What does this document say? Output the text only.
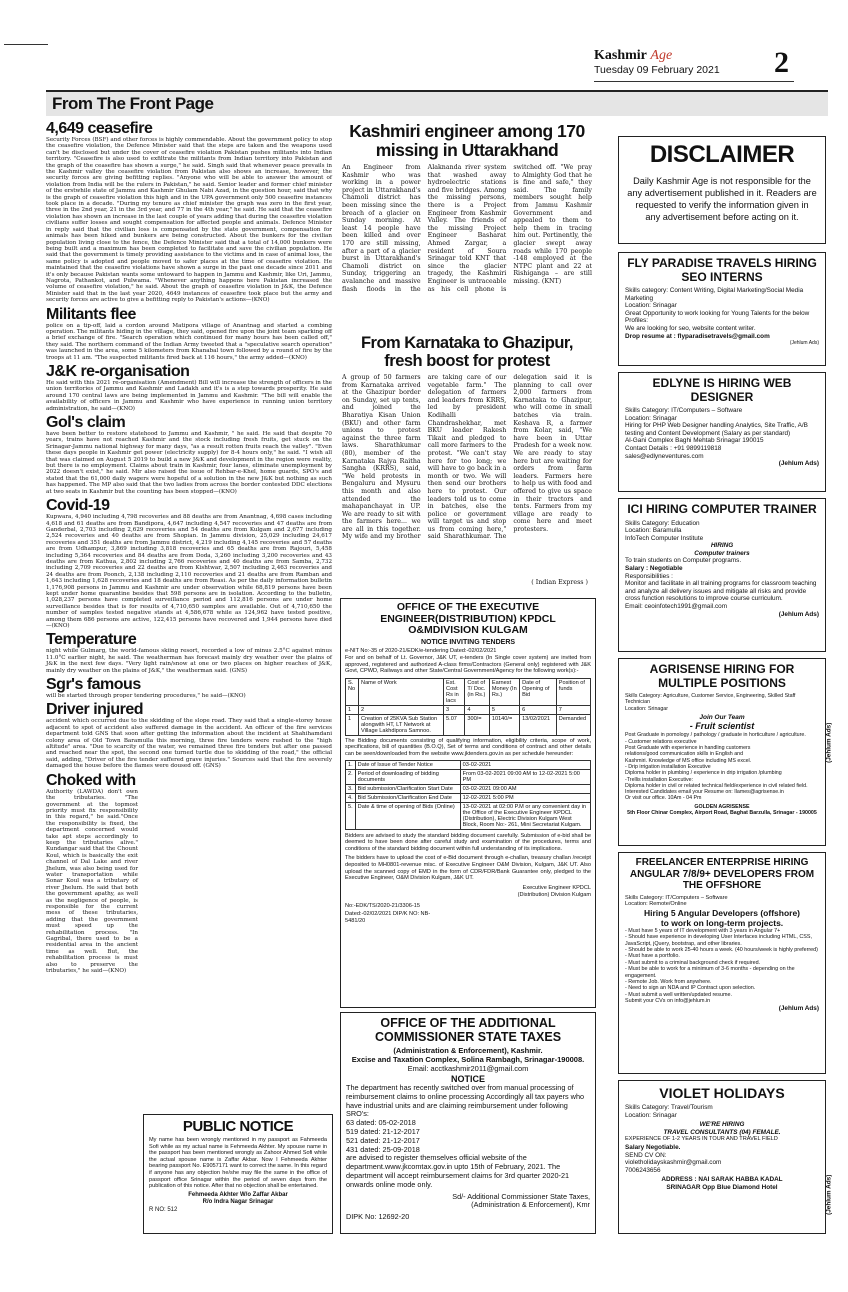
Kashmir Age
Tuesday 09 February 2021 2
From The Front Page
4,649 ceasefire
Security Forces (BSF) and other forces is highly commendable. About the government policy to stop the ceasefire violation, the Defence Minister said that the steps are taken and the weapons used can't be disclosed but under the cover of ceasefire violation Pakistan pushes militants into Indian territory. "Ceasefire is also used to exfiltrate the militants from Indian territory into Pakistan and the graph of the ceasefire has shown a surge," he said. Singh said that whenever peace prevails in the Kashmir valley the ceasefire violation from Pakistan also shows an increase, however, the security forces are giving befitting replies. "Anyone who will be able to answer the amount of violation from India will be the rulers in Pakistan," he said. Senior leader and former chief minister of the erstwhile state of Jammu and Kashmir Ghulam Nabi Azad, in the question hour, said that why is the graph of ceasefire violation this high and in the UPA government only 500 ceasefire instances took place in a decade. "During my tenure as chief minister the graph was zero in the first year, three in the 2nd year, 21 in the 3rd year, and 77 in the 4th year," he said. He said that the ceasefire violation has shown an increase in the last couple of years adding that during the ceasefire violation civilians suffer losses and sought compensation for affected people and animals. Defence Minister in reply said that the civilian loss is compensated by the state government, compensation for animals has been hiked and bunkers are being constructed. About the bunkers for the civilian population living close to the fence, the Defence Minister said that a total of 14,000 bunkers were being built and a maximum has been completed to facilitate and save the civilian population. He said that the government is timely providing assistance to the victims and in case of animal loss, the same policy is adopted and people moved to safer places at the time of ceasefire violation. He maintained that the ceasefire violations have shown a surge in the past one decade since 2011 and it's only because Pakistan wants some untoward to happen in Jammu and Kashmir, like Uri, Jammu, Nagrota, Pathankot, and Pulwama. "Whenever anything happens here Pakistan increased the volume of ceasefire violation," he said. About the graph of ceasefire violation in J&K, the Defence Minister said that in the last year 2020, 4649 instances of ceasefire took place but the army and security forces are active to give a befitting reply to Pakistan's actions—(KNO)
Militants flee
police on a tip-off, laid a cordon around Matipora village of Anantnag and started a combing operation. The militants hiding in the village, they said, opened fire upon the joint team sparking off a brief exchange of fire. "Search operation which continued for many hours has been called off," they said. The northern command of the Indian Army tweeted that a "speculative search operation" was launched in the area, some 5 kilometers from Khanabal town followed by a round of fire by the troops at 11 am. "The suspected militants fired back at 116 hours," the army added—(KNO)
J&K re-organisation
He said with this 2021 re-organisation (Amendment) Bill will increase the strength of officers in the union territories of Jammu and Kashmir and Ladakh and it's is a step towards prosperity. He said around 170 central laws are being implemented in Jammu and Kashmir. "The bill will enable the availability of officers in Jammu and Kashmir who have experience in running union territory administration, he said—(KNO)
Gol's claim
have been better to restore statehood to Jammu and Kashmir, " he said. He said that despite 70 years, trains have not reached Kashmir and the stock including fresh fruits, get stuck on the Srinagar-Jammu national highway for many days, "as a result rotten fruits reach the valley". "Even these days people in Kashmir get power (electricity supply) for 8-4 hours only," he said. "I wish all that was claimed on August 5 2019 to build a new J&K and development in the region were reality, but there is no employment. Claims about train in Kashmir, four lanes, eliminate unemployment by 2022 doesn't exist," he said. Mir also raised the issue of Rehbar-e-Khel, home guards, SPO's and stated that the 61,000 daily wagers were hopeful of a solution in the new J&K but nothing as such has happened. The MP also said that the two ladies from across the border contested DDC elections at two seats in Kashmir but the counting has been stopped—(KNO)
Covid-19
Kupwara, 4,940 including 4,798 recoveries and 88 deaths are from Anantnag, 4,698 cases including 4,618 and 61 deaths are from Bandipora, 4,647 including 4,547 recoveries and 47 deaths are from Ganderbal, 2,703 including 2,629 recoveries and 54 deaths are from Kulgam and 2,677 including 2,524 recoveries and 40 deaths are from Shopian. In Jammu division, 25,029 including 24,617 recoveries and 351 deaths are from Jammu district, 4,219 including 4,145 recoveries and 57 deaths are from Udhampur, 3,869 including 3,818 recoveries and 65 deaths are from Rajouri, 5,458 including 5,364 recoveries and 84 deaths are from Doda, 3,260 including 3,200 recoveries and 43 deaths are from Kathua, 2,802 including 2,766 recoveries and 40 deaths are from Samba, 2,732 including 2,709 recoveries and 22 deaths are from Kishtwar, 2,507 including 2,463 recoveries and 24 deaths are from Poonch, 2,138 including 2,110 recoveries and 21 deaths are from Ramban and 1,643 including 1,628 recoveries and 18 deaths are from Reasi. As per the daily information bulletin 1,176,908 persons in Jammu and Kashmir are under observation while 68,819 persons have been kept under home quarantine besides that 598 persons are in isolation. According to the bulletin, 1,028,237 persons have completed surveillance period and 112,816 persons are under home surveillance besides that is for results of 4,710,650 samples are available. Out of 4,710,650 the number of samples tested negative stands at 4,586,678 while as 124,962 have tested positive, among them 686 persons are active, 122,415 persons have recovered and 1,944 persons have died—(KNO)
Temperature
night while Gulmarg, the world-famous skiing resort, recorded a low of minus 2.5°C against minus 11.0°C earlier night, he said. The weatherman has forecast mainly dry weather over the plains of J&K in the next few days. "Very light rain/snow at one or two places on higher reaches of J&K, mainly dry weather on the plains of J&K," the weatherman said. (GNS)
Sgr's famous
will be started through proper tendering procedures," he said—(KNO)
Driver injured
accident which occurred due to the skidding of the slope road. They said that a single-storey house adjacent to spot of accident also suffered damage in the accident. An officer of the fire services department told GNS that soon after getting the information about the incident at Shahihamdani colony area of Old Town Baramulla this morning, three fire tenders were rushed to the "high altitude" area. "Due to scarcity of the water, we remained three fire tenders but after one passed and reached near the spot, the second one turned turtle due to skidding of the road," the official said, adding, "Driver of the fire tender suffered grave injuries." Sources said that the fire severely damaged the house before the flames were doused off. (GNS)
Choked with
Authority (LAWDA) don't own the tributaries. "The government at the topmost priority must fix responsibility in this regard," he said."Once the responsibility is fixed, the department concerned would take apt steps accordingly to keep the tributaries alive." Kundangar said that the Chount Koul, which is basically the exit channel of Dal Lake and river Jhelum, was also being used for water transportation while Sonar Koul was a tributary of river Jhelum. He said that both the government apathy, as well as the negligence of people, is responsible for the current mess of these tributaries, adding that the government must speed up the rehabilitation process. "In Gagribal, there used to be a residential area in the ancient time as well. But, the rehabilitation process is must also to preserve the tributaries," he said—(KNO)
PUBLIC NOTICE
My name has been wrongly mentioned in my passport as Fahmeeda Sofi while as my actual name is Fehmeeda Akhter. My spouse name in the passport has been mentioned wrongly as Zahoor Ahmed Sofi while the actual spouse name is Zaffar Akbar. Now I Fehmeeda Akhter bearing passport No. E9057171 want to correct the same. In this regard if anyone has any objection he/she may file the same in the office of passport office Srinagar within the period of seven days from the publication of this notice. After that no objection shall be entertained.
Fehmeeda Akhter W/o Zaffar Akbar
R/o Indra Nagar Srinagar
R NO: 512
Kashmiri engineer among 170 missing in Uttarakhand
An Engineer from Kashmir who was working in a power project in Uttarakhand's Chamoli district has been missing since the breach of a glacier on Sunday morning. At least 14 people have been killed and over 170 are still missing, after a part of a glacier burst in Uttarakhand's Chamoli district on Sunday, triggering an avalanche and massive flash floods in the Alaknanda river system that washed away hydroelectric stations and five bridges. Among the missing persons, there is a Project Engineer from Kashmir Valley. The friends of the missing Project Engineer Basharat Ahmed Zargar, a resident of Soura Srinagar told KNT that since the glacier tragedy, the Kashmiri Engineer is untraceable as his cell phone is switched off. "We pray to Almighty God that he is fine and safe," they said. The family members sought help from Jammu Kashmir Government and appealed to them to help them in tracing him out. Pertinently, the glacier swept away roads while 170 people -148 employed at the NTPC plant and 22 at Rishiganga – are still missing. (KNT)
From Karnataka to Ghazipur, fresh boost for protest
A group of 50 farmers from Karnataka arrived at the Ghazipur border on Sunday, set up tents, and joined the Bharatiya Kisan Union (BKU) and other farm unions to protest against the three farm laws. Sharathkumar (80), member of the Karnataka Rajya Raitha Sangha (KRRS), said, "We held protests in Bengaluru and Mysuru this month and also attended the mahapanchayat in UP. We are ready to sit with the farmers here... we are all in this together. My wife and my brother are taking care of our vegetable farm." The delegation of farmers and leaders from KRRS, led by president Kodihalli Chandrashekhar, met BKU leader Rakesh Tikait and pledged to call more farmers to the protest. "We can't stay here for too long; we will have to go back in a month or two. We will then send our brothers here to protest. Our leaders told us to come in batches, else the police or government will target us and stop us from coming here," said Sharathkumar. The delegation said it is planning to call over 2,000 farmers from Karnataka to Ghazipur, who will come in small batches via train. Keshava R, a farmer from Kolar, said, "We have been in Uttar Pradesh for a week now. We are ready to stay here but are waiting for orders from farm leaders. Farmers here to help us with food and offered to give us space in their tractors and tents. Farmers from my village are ready to come here and meet protesters.
( Indian Express )
OFFICE OF THE EXECUTIVE ENGINEER(DISTRIBUTION) KPDCL O&MDIVISION KULGAM
NOTICE INVITING TENDERS
e-NIT No:-35 of 2020-21/EDK/e-tendering Dated:-02/02/2021
For and on behalf of Lt. Governor, J&K UT, e-tenders (In Single cover system) are invited from approved, registered and authorized A-class firms/Contractors (General only) registered with J&K Govt, CPWD, Railways and other State/Central Government/Agency for the following work(s):-
S. No	Name of Work	Est. Cost Rs in lacs	Cost of T/ Doc.(in Rs.)	Earnest Money (In Rs.)	Date of Opening of Bid	Position of funds
1	2	3	4	5	6	7
1	Creation of 25KVA Sub Station alongwith HT, LT Network at Village Lakhdipora Samnoo.	5.07	300/=	10140/=	13/02/2021	Demanded
The Bidding documents consisting of qualifying information, eligibility criteria, scope of work, specifications, bill of quantities (B.O.Q), Set of terms and conditions of contract and other details can be seen/downloaded from the website www.jktenders.gov.in as per schedule hereunder:
1.	Date of Issue of Tender Notice	03-02-2021
2.	Period of downloading of bidding documents	From 03-02-2021 09:00 AM to 12-02-2021 5:00 PM
3.	Bid submission/Clarification Start Date	03-02-2021 09:00 AM
4.	Bid Submission/Clarification End Date	12-02-2021 5:00 PM
5.	Date & time of opening of Bids (Online)	13-02-2021 at 02:00 P.M or any convenient day in the Office of the Executive Engineer KPDCL (Distribution), Electric Division Kulgam West Block, Room No:- 261, Mini Secretariat Kulgam.
Bidders are advised to study the standard bidding document carefully. Submission of e-bid shall be deemed to have been done after careful study and examination of the procedures, terms and conditions of the standard bidding document within full understanding of its implications.
The bidders have to upload the cost of e-Bid document through e-challan, treasury challan /receipt deposited to MH0801-revenue misc. of Executive Engineer O&M Division, Kulgam, J&K UT. Also upload the scanned copy of EMD in the form of CDR/FDR/Bank Guarantee only, pledged to the Executive Engineer, O&M Division Kulgam, J&K UT.
Executive Engineer KPDCL (Distribution) Division Kulgam
No:-EDK/TS/2020-21/3306-15 Dated:-02/02/2021 DIP/K NO: NB-5481/20
OFFICE OF THE ADDITIONAL COMMISSIONER STATE TAXES
(Administration & Enforcement), Kashmir.
Excise and Taxation Complex, Solina Rambagh, Srinagar-190008.
Email: acctkashmir2011@gmail.com
NOTICE
The department has recently switched over from manual processing of reimbursement claims to online processing Accordingly all tax payers who have industrial units and are claiming reimbursement under following SRO's:
63 dated: 05-02-2018
519 dated: 21-12-2017
521 dated: 21-12-2017
431 dated: 25-09-2018
are advised to register themselves official website of the department.www.jkcomtax.gov.in upto 15th of February, 2021. The department will accept reimbursement claims for 3rd quarter 2020-21 onwards online mode only.
Sd/- Additional Commissioner State Taxes, (Administration & Enforcement), Kmr
DIPK No: 12692-20
DISCLAIMER
Daily Kashmir Age is not responsible for the any advertisement published in it. Readers are requested to verify the information given in any advertisement before acting on it.
FLY PARADISE TRAVELS HIRING SEO INTERNS
Skills category: Content Writing, Digital Marketing/Social Media Marketing
Location: Srinagar
Great Opportunity to work looking for Young Talents for the below Profiles:
We are looking for seo, website content writer.
Drop resume at : flyparadisetravels@gmail.com
(Jehlum Ads)
EDLYNE IS HIRING WEB DESIGNER
Skills Category: IT/Computers – Software
Location: Srinagar
Hiring for PHP Web Designer handling Analytics, Site Traffic, A/B testing and Content Development (Salary as per standard)
Al-Gani Complex Baghi Mehtab Srinagar 190015
Contact Details : +91 9899119818
sales@edlyneventures.com
(Jehlum Ads)
ICI HIRING COMPUTER TRAINER
Skills Category: Education
Location: Baramulla
InfoTech Computer Institute
HIRING
Computer trainers
To train students on Computer programs.
Salary : Negotiable
Responsibilities :
Monitor and facilitate in all training programs for classroom teaching and analyze all delivery issues and mitigate all risks and provide cross function resolutions to improve course curriculum.
Email: ceoinfotech1991@gmail.com
(Jehlum Ads)
AGRISENSE HIRING FOR MULTIPLE POSITIONS
Skills Category: Agriculture, Customer Service, Engineering, Skilled Staff Technician
Location: Srinagar
Join Our Team
- Fruit scientist
Post Graduate in pomology / pathology / graduate in horticulture / agriculture.
- Customer relations executive
Post Graduate with experience in handling customers
relations/good communication skills in English and
Kashmiri. Knowledge of MS office including MS excel.
- Drip irrigation installation Executive
Diploma holder in plumbing / experience in drip irrigation /plumbing
-Trellis installation Executive:
Diploma holder in civil or related technical field/experience in civil related field.
Interested Candidates email your Resume on: Ilames@agrisense.in
Or visit our office. 10Am - 04 Pm
GOLDEN AGRISENSE
5th Floor Chinar Complex, Airport Road, Baghat Barzulla, Srinagar - 190005
(Jehlum Ads)
FREELANCER ENTERPRISE HIRING ANGULAR 7/8/9+ DEVELOPERS FROM THE OFFSHORE
Skills Category: IT/Computers – Software
Location: Remote/Online
Hiring 5 Angular Developers (offshore)
to work on long-term projects.
- Must have 5 years of IT development with 3 years in Angular 7+
- Should have experience in developing User Interfaces including HTML, CSS, JavaScript, jQuery, bootstrap, and other libraries.
- Should be able to work 25-40 hours a week. (40 hours/week is highly preferred)
- Must have a portfolio.
- Must submit to a criminal background check if required.
- Must be able to work for a minimum of 3-6 months - depending on the engagement.
- Remote Job. Work from anywhere.
- Need to sign an NDA and IP Contract upon selection.
- Must submit a well written/updated resume.
Submit your CVs on info@jehlum.in
(Jehlum Ads)
VIOLET HOLIDAYS
Skills Category: Travel/Tourism
Location: Srinagar
WE'RE HIRING
TRAVEL CONSULTANTS (04) FEMALE.
EXPERIENCE OF 1-2 YEARS IN TOUR AND TRAVEL FIELD
Salary Negotiable.
SEND CV ON:
violetholidayskashmir@gmail.com
7006243656
ADDRESS : NAI SARAK HABBA KADAL
SRINAGAR Opp Blue Diamond Hotel	(Jehlum Ads)
